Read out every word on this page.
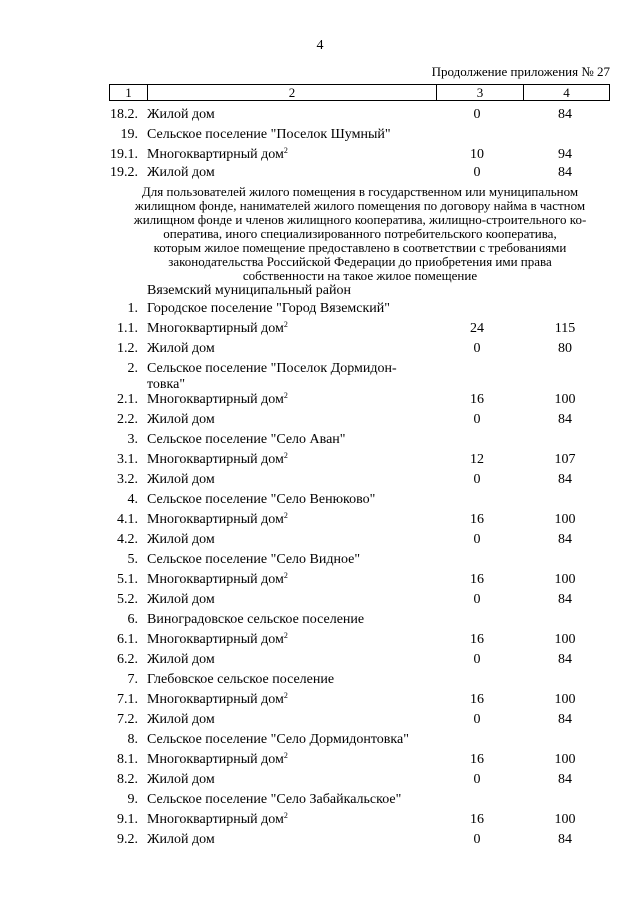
4
Продолжение приложения № 27
1	2	3	4
18.2. Жилой дом	0	84
19. Сельское поселение "Поселок Шумный"
19.1. Многоквартирный дом$^2$	10	94
19.2. Жилой дом	0	84
Для пользователей жилого помещения в государственном или муниципальном
жилищном фонде, нанимателей жилого помещения по договору найма в частном
жилищном фонде и членов жилищного кооператива, жилищно-строительного ко-
оператива, иного специализированного потребительского кооператива,
которым жилое помещение предоставлено в соответствии с требованиями
законодательства Российской Федерации до приобретения ими права
собственности на такое жилое помещение
Вяземский муниципальный район
1. Городское поселение "Город Вяземский"
1.1. Многоквартирный дом$^2$	24	115
1.2. Жилой дом	0	80
2. Сельское поселение "Поселок Дормидон-
товка"
2.1. Многоквартирный дом$^2$	16	100
2.2. Жилой дом	0	84
3. Сельское поселение "Село Аван"
3.1. Многоквартирный дом$^2$	12	107
3.2. Жилой дом	0	84
4. Сельское поселение "Село Венюково"
4.1. Многоквартирный дом$^2$	16	100
4.2. Жилой дом	0	84
5. Сельское поселение "Село Видное"
5.1. Многоквартирный дом$^2$	16	100
5.2. Жилой дом	0	84
6. Виноградовское сельское поселение
6.1. Многоквартирный дом$^2$	16	100
6.2. Жилой дом	0	84
7. Глебовское сельское поселение
7.1. Многоквартирный дом$^2$	16	100
7.2. Жилой дом	0	84
8. Сельское поселение "Село Дормидонтовка"
8.1. Многоквартирный дом$^2$	16	100
8.2. Жилой дом	0	84
9. Сельское поселение "Село Забайкальское"
9.1. Многоквартирный дом$^2$	16	100
9.2. Жилой дом	0	84
